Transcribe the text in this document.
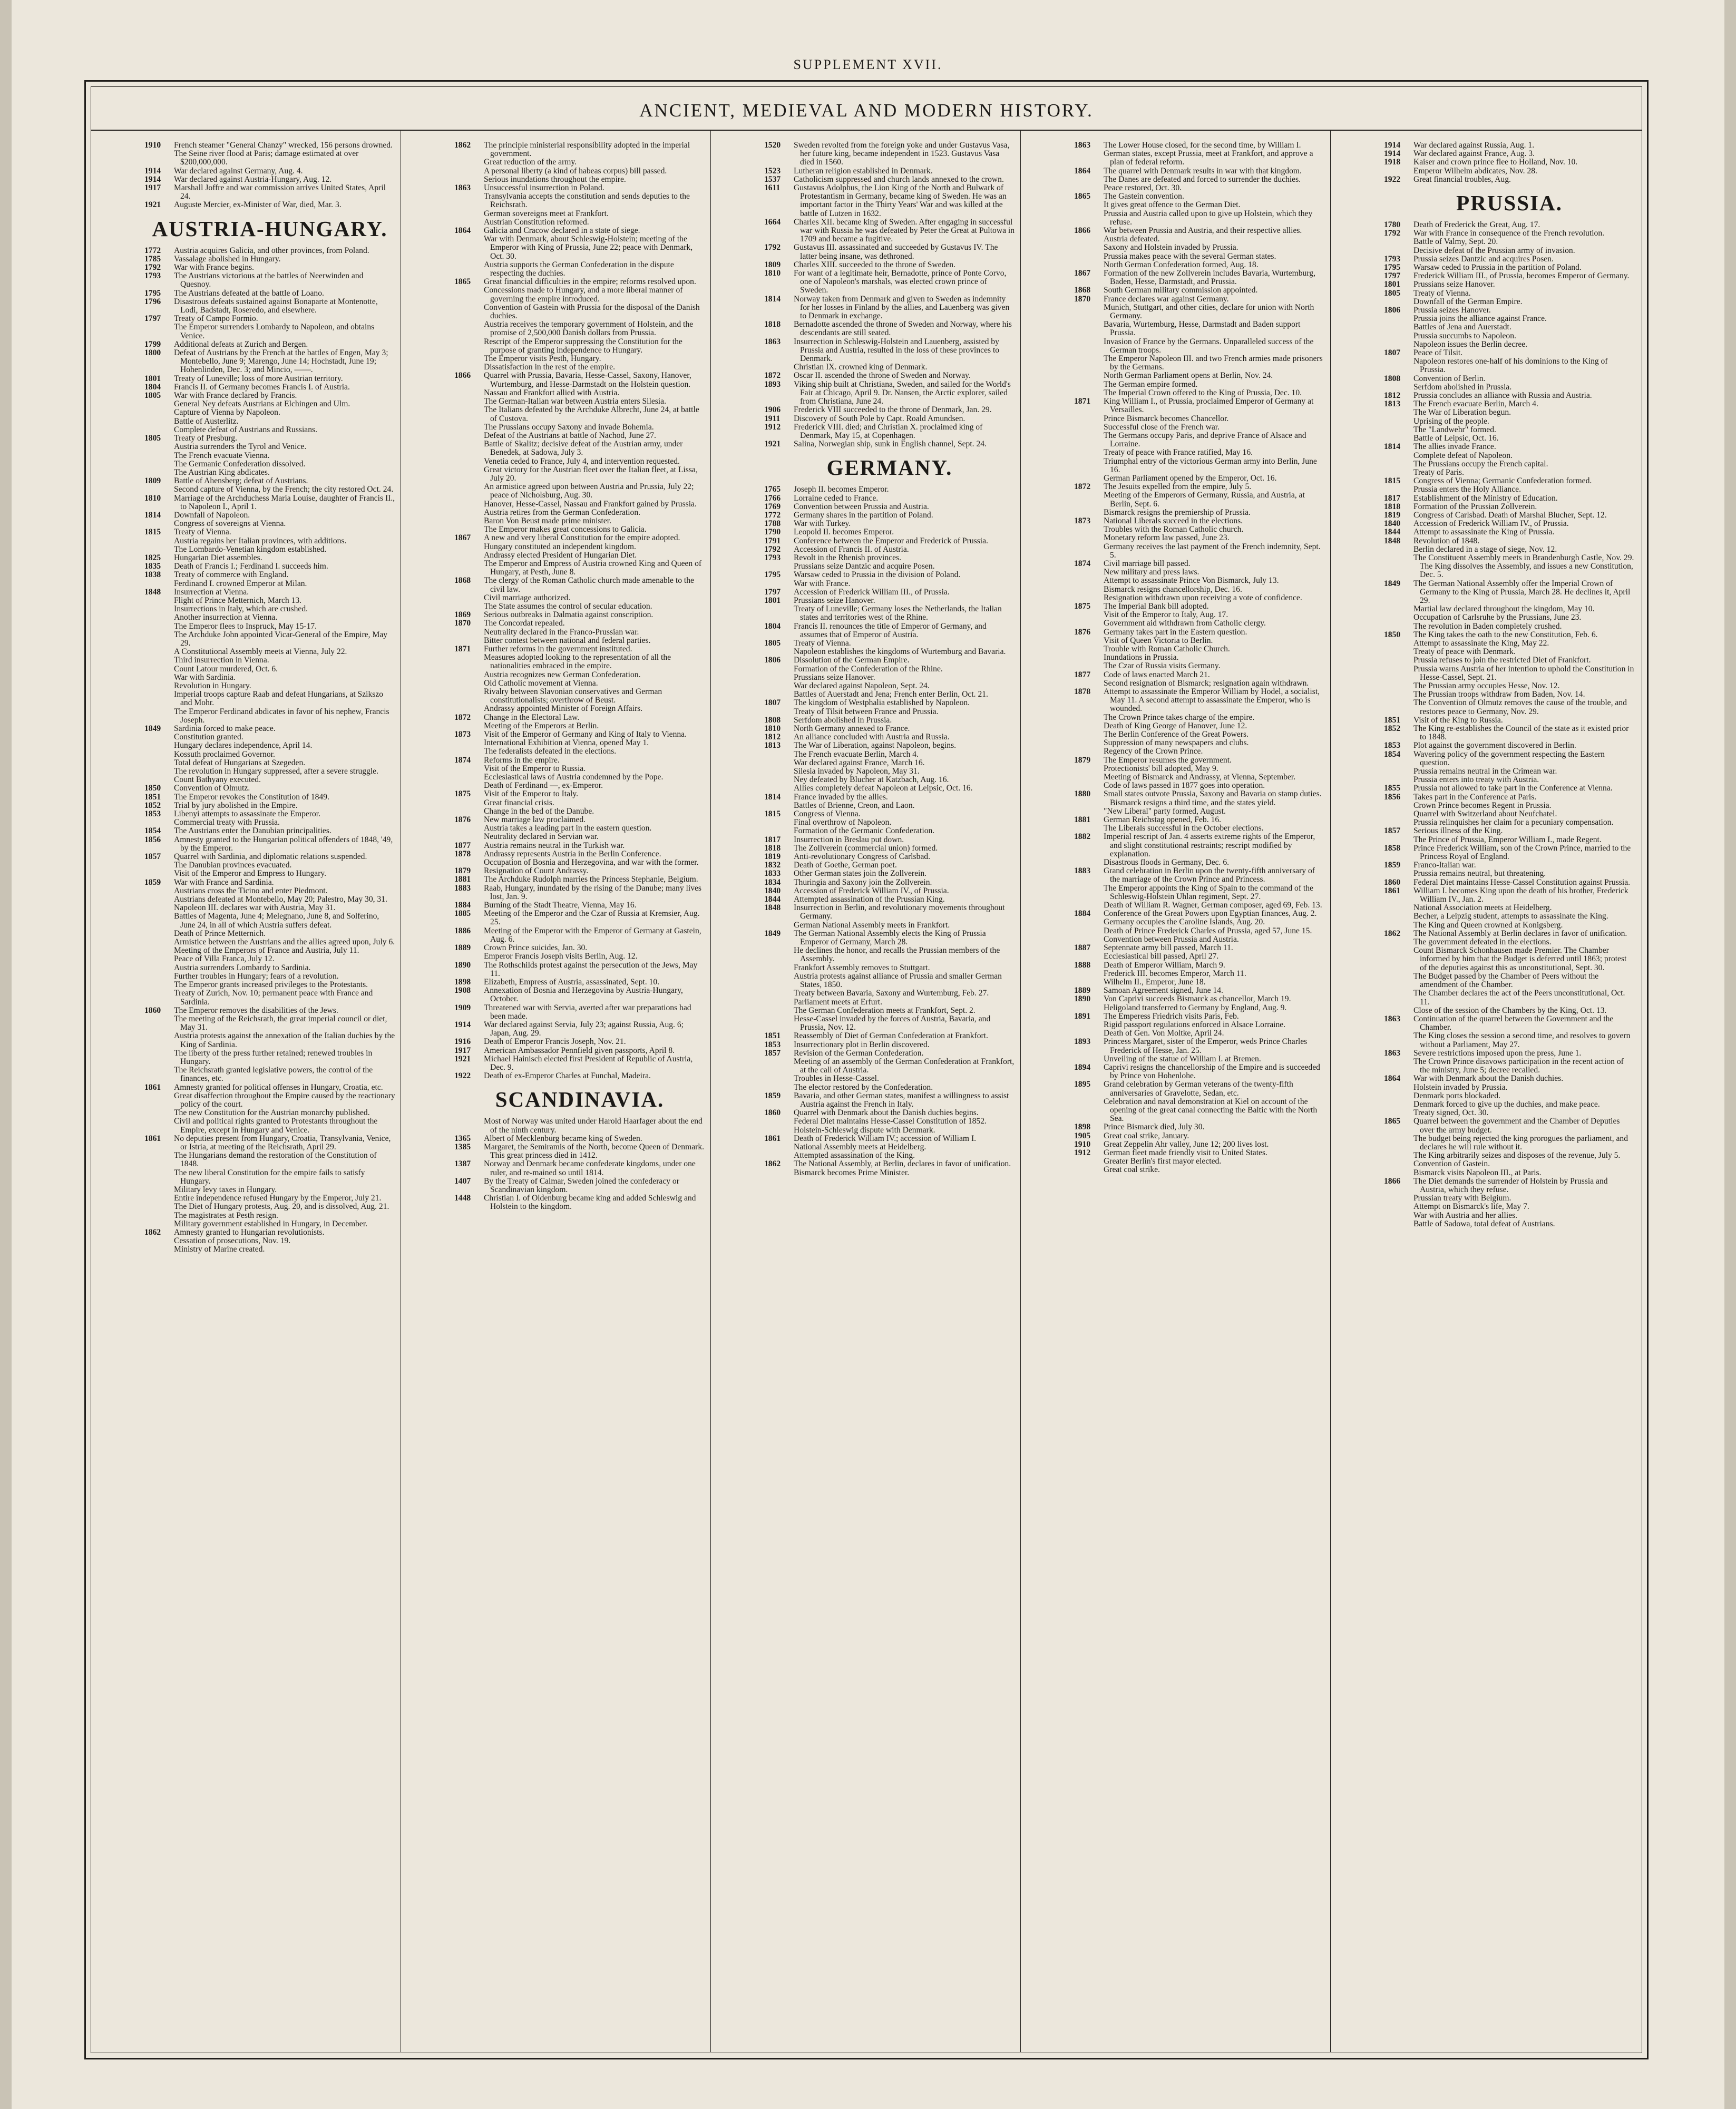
SUPPLEMENT XVII.
ANCIENT, MEDIEVAL AND MODERN HISTORY.
1910	French steamer "General Chanzy" wrecked, 156 persons drowned.
The Seine river flood at Paris; damage estimated at over $200,000,000.
1914	War declared against Germany, Aug. 4.
1914	War declared against Austria-Hungary, Aug. 12.
1917	Marshall Joffre and war commission arrives United States, April 24.
1921	Auguste Mercier, ex-Minister of War, died, Mar. 3.
AUSTRIA-HUNGARY.
1772	Austria acquires Galicia, and other provinces, from Poland.
1785	Vassalage abolished in Hungary.
1792	War with France begins.
1793	The Austrians victorious at the battles of Neerwinden and Quesnoy.
1795	The Austrians defeated at the battle of Loano.
1796	Disastrous defeats sustained against Bonaparte at Montenotte, Lodi, Badstadt, Roseredo, and elsewhere.
1797	Treaty of Campo Formio.
The Emperor surrenders Lombardy to Napoleon, and obtains Venice.
1799	Additional defeats at Zurich and Bergen.
1800	Defeat of Austrians by the French at the battles of Engen, May 3; Montebello, June 9; Marengo, June 14; Hochstadt, June 19; Hohenlinden, Dec. 3; and Mincio, ——.
1801	Treaty of Luneville; loss of more Austrian territory.
1804	Francis II. of Germany becomes Francis I. of Austria.
1805	War with France declared by Francis.
General Ney defeats Austrians at Elchingen and Ulm.
Capture of Vienna by Napoleon.
Battle of Austerlitz.
Complete defeat of Austrians and Russians.
1805	Treaty of Presburg.
Austria surrenders the Tyrol and Venice.
The French evacuate Vienna.
The Germanic Confederation dissolved.
The Austrian King abdicates.
1809	Battle of Ahensberg; defeat of Austrians.
Second capture of Vienna, by the French; the city restored Oct. 24.
1810	Marriage of the Archduchess Maria Louise, daughter of Francis II., to Napoleon I., April 1.
1814	Downfall of Napoleon.
Congress of sovereigns at Vienna.
1815	Treaty of Vienna.
Austria regains her Italian provinces, with additions.
The Lombardo-Venetian kingdom established.
1825	Hungarian Diet assembles.
1835	Death of Francis I.; Ferdinand I. succeeds him.
1838	Treaty of commerce with England.
Ferdinand I. crowned Emperor at Milan.
1848	Insurrection at Vienna.
Flight of Prince Metternich, March 13.
Insurrections in Italy, which are crushed.
Another insurrection at Vienna.
The Emperor flees to Inspruck, May 15-17.
The Archduke John appointed Vicar-General of the Empire, May 29.
A Constitutional Assembly meets at Vienna, July 22.
Third insurrection in Vienna.
Count Latour murdered, Oct. 6.
War with Sardinia.
Revolution in Hungary.
Imperial troops capture Raab and defeat Hungarians, at Szikszo and Mohr.
The Emperor Ferdinand abdicates in favor of his nephew, Francis Joseph.
1849	Sardinia forced to make peace.
Constitution granted.
Hungary declares independence, April 14.
Kossuth proclaimed Governor.
Total defeat of Hungarians at Szegeden.
The revolution in Hungary suppressed, after a severe struggle.
Count Bathyany executed.
1850	Convention of Olmutz.
1851	The Emperor revokes the Constitution of 1849.
1852	Trial by jury abolished in the Empire.
1853	Libenyi attempts to assassinate the Emperor.
Commercial treaty with Prussia.
1854	The Austrians enter the Danubian principalities.
1856	Amnesty granted to the Hungarian political offenders of 1848, '49, by the Emperor.
1857	Quarrel with Sardinia, and diplomatic relations suspended.
The Danubian provinces evacuated.
Visit of the Emperor and Empress to Hungary.
1859	War with France and Sardinia.
Austrians cross the Ticino and enter Piedmont.
Austrians defeated at Montebello, May 20; Palestro, May 30, 31.
Napoleon III. declares war with Austria, May 31.
Battles of Magenta, June 4; Melegnano, June 8, and Solferino, June 24, in all of which Austria suffers defeat.
Death of Prince Metternich.
Armistice between the Austrians and the allies agreed upon, July 6.
Meeting of the Emperors of France and Austria, July 11.
Peace of Villa Franca, July 12.
Austria surrenders Lombardy to Sardinia.
Further troubles in Hungary; fears of a revolution.
The Emperor grants increased privileges to the Protestants.
Treaty of Zurich, Nov. 10; permanent peace with France and Sardinia.
1860	The Emperor removes the disabilities of the Jews.
The meeting of the Reichsrath, the great imperial council or diet, May 31.
Austria protests against the annexation of the Italian duchies by the King of Sardinia.
The liberty of the press further retained; renewed troubles in Hungary.
The Reichsrath granted legislative powers, the control of the finances, etc.
1861	Amnesty granted for political offenses in Hungary, Croatia, etc.
Great disaffection throughout the Empire caused by the reactionary policy of the court.
The new Constitution for the Austrian monarchy published.
Civil and political rights granted to Protestants throughout the Empire, except in Hungary and Venice.
1861	No deputies present from Hungary, Croatia, Transylvania, Venice, or Istria, at meeting of the Reichsrath, April 29.
The Hungarians demand the restoration of the Constitution of 1848.
The new liberal Constitution for the empire fails to satisfy Hungary.
Military levy taxes in Hungary.
Entire independence refused Hungary by the Emperor, July 21.
The Diet of Hungary protests, Aug. 20, and is dissolved, Aug. 21.
The magistrates at Pesth resign.
Military government established in Hungary, in December.
1862	Amnesty granted to Hungarian revolutionists.
Cessation of prosecutions, Nov. 19.
Ministry of Marine created.
1862	The principle ministerial responsibility adopted in the imperial government.
Great reduction of the army.
A personal liberty (a kind of habeas corpus) bill passed.
Serious inundations throughout the empire.
1863	Unsuccessful insurrection in Poland.
Transylvania accepts the constitution and sends deputies to the Reichsrath.
German sovereigns meet at Frankfort.
Austrian Constitution reformed.
1864	Galicia and Cracow declared in a state of siege.
War with Denmark, about Schleswig-Holstein; meeting of the Emperor with King of Prussia, June 22; peace with Denmark, Oct. 30.
Austria supports the German Confederation in the dispute respecting the duchies.
1865	Great financial difficulties in the empire; reforms resolved upon.
Concessions made to Hungary, and a more liberal manner of governing the empire introduced.
Convention of Gastein with Prussia for the disposal of the Danish duchies.
Austria receives the temporary government of Holstein, and the promise of 2,500,000 Danish dollars from Prussia.
Rescript of the Emperor suppressing the Constitution for the purpose of granting independence to Hungary.
The Emperor visits Pesth, Hungary.
Dissatisfaction in the rest of the empire.
1866	Quarrel with Prussia, Bavaria, Hesse-Cassel, Saxony, Hanover, Wurtemburg, and Hesse-Darmstadt on the Holstein question.
Nassau and Frankfort allied with Austria.
The German-Italian war between Austria enters Silesia.
The Italians defeated by the Archduke Albrecht, June 24, at battle of Custova.
The Prussians occupy Saxony and invade Bohemia.
Defeat of the Austrians at battle of Nachod, June 27.
Battle of Skalitz; decisive defeat of the Austrian army, under Benedek, at Sadowa, July 3.
Venetia ceded to France, July 4, and intervention requested.
Great victory for the Austrian fleet over the Italian fleet, at Lissa, July 20.
An armistice agreed upon between Austria and Prussia, July 22; peace of Nicholsburg, Aug. 30.
Hanover, Hesse-Cassel, Nassau and Frankfort gained by Prussia.
Austria retires from the German Confederation.
Baron Von Beust made prime minister.
The Emperor makes great concessions to Galicia.
1867	A new and very liberal Constitution for the empire adopted.
Hungary constituted an independent kingdom.
Andrassy elected President of Hungarian Diet.
The Emperor and Empress of Austria crowned King and Queen of Hungary, at Pesth, June 8.
1868	The clergy of the Roman Catholic church made amenable to the civil law.
Civil marriage authorized.
The State assumes the control of secular education.
1869	Serious outbreaks in Dalmatia against conscription.
1870	The Concordat repealed.
Neutrality declared in the Franco-Prussian war.
Bitter contest between national and federal parties.
1871	Further reforms in the government instituted.
Measures adopted looking to the representation of all the nationalities embraced in the empire.
Austria recognizes new German Confederation.
Old Catholic movement at Vienna.
Rivalry between Slavonian conservatives and German constitutionalists; overthrow of Beust.
Andrassy appointed Minister of Foreign Affairs.
1872	Change in the Electoral Law.
Meeting of the Emperors at Berlin.
1873	Visit of the Emperor of Germany and King of Italy to Vienna.
International Exhibition at Vienna, opened May 1.
The federalists defeated in the elections.
1874	Reforms in the empire.
Visit of the Emperor to Russia.
Ecclesiastical laws of Austria condemned by the Pope.
Death of Ferdinand —, ex-Emperor.
1875	Visit of the Emperor to Italy.
Great financial crisis.
Change in the bed of the Danube.
1876	New marriage law proclaimed.
Austria takes a leading part in the eastern question.
Neutrality declared in Servian war.
1877	Austria remains neutral in the Turkish war.
1878	Andrassy represents Austria in the Berlin Conference.
Occupation of Bosnia and Herzegovina, and war with the former.
1879	Resignation of Count Andrassy.
1881	The Archduke Rudolph marries the Princess Stephanie, Belgium.
1883	Raab, Hungary, inundated by the rising of the Danube; many lives lost, Jan. 9.
1884	Burning of the Stadt Theatre, Vienna, May 16.
1885	Meeting of the Emperor and the Czar of Russia at Kremsier, Aug. 25.
1886	Meeting of the Emperor with the Emperor of Germany at Gastein, Aug. 6.
1889	Crown Prince suicides, Jan. 30.
Emperor Francis Joseph visits Berlin, Aug. 12.
1890	The Rothschilds protest against the persecution of the Jews, May 11.
1898	Elizabeth, Empress of Austria, assassinated, Sept. 10.
1908	Annexation of Bosnia and Herzegovina by Austria-Hungary, October.
1909	Threatened war with Servia, averted after war preparations had been made.
1914	War declared against Servia, July 23; against Russia, Aug. 6; Japan, Aug. 29.
1916	Death of Emperor Francis Joseph, Nov. 21.
1917	American Ambassador Pennfield given passports, April 8.
1921	Michael Hainisch elected first President of Republic of Austria, Dec. 9.
1922	Death of ex-Emperor Charles at Funchal, Madeira.
SCANDINAVIA.
Most of Norway was united under Harold Haarfager about the end of the ninth century.
1365	Albert of Mecklenburg became king of Sweden.
1385	Margaret, the Semiramis of the North, become Queen of Denmark. This great princess died in 1412.
1387	Norway and Denmark became confederate kingdoms, under one ruler, and re-mained so until 1814.
1407	By the Treaty of Calmar, Sweden joined the confederacy or Scandinavian kingdom.
1448	Christian I. of Oldenburg became king and added Schleswig and Holstein to the kingdom.
1520	Sweden revolted from the foreign yoke and under Gustavus Vasa, her future king, became independent in 1523. Gustavus Vasa died in 1560.
1523	Lutheran religion established in Denmark.
1537	Catholicism suppressed and church lands annexed to the crown.
1611	Gustavus Adolphus, the Lion King of the North and Bulwark of Protestantism in Germany, became king of Sweden. He was an important factor in the Thirty Years' War and was killed at the battle of Lutzen in 1632.
1664	Charles XII. became king of Sweden. After engaging in successful war with Russia he was defeated by Peter the Great at Pultowa in 1709 and became a fugitive.
1792	Gustavus III. assassinated and succeeded by Gustavus IV. The latter being insane, was dethroned.
1809	Charles XIII. succeeded to the throne of Sweden.
1810	For want of a legitimate heir, Bernadotte, prince of Ponte Corvo, one of Napoleon's marshals, was elected crown prince of Sweden.
1814	Norway taken from Denmark and given to Sweden as indemnity for her losses in Finland by the allies, and Lauenberg was given to Denmark in exchange.
1818	Bernadotte ascended the throne of Sweden and Norway, where his descendants are still seated.
1863	Insurrection in Schleswig-Holstein and Lauenberg, assisted by Prussia and Austria, resulted in the loss of these provinces to Denmark.
Christian IX. crowned king of Denmark.
1872	Oscar II. ascended the throne of Sweden and Norway.
1893	Viking ship built at Christiana, Sweden, and sailed for the World's Fair at Chicago, April 9. Dr. Nansen, the Arctic explorer, sailed from Christiana, June 24.
1906	Frederick VIII succeeded to the throne of Denmark, Jan. 29.
1911	Discovery of South Pole by Capt. Roald Amundsen.
1912	Frederick VIII. died; and Christian X. proclaimed king of Denmark, May 15, at Copenhagen.
1921	Salina, Norwegian ship, sunk in English channel, Sept. 24.
GERMANY.
1765	Joseph II. becomes Emperor.
1766	Lorraine ceded to France.
1769	Convention between Prussia and Austria.
1772	Germany shares in the partition of Poland.
1788	War with Turkey.
1790	Leopold II. becomes Emperor.
1791	Conference between the Emperor and Frederick of Prussia.
1792	Accession of Francis II. of Austria.
1793	Revolt in the Rhenish provinces.
Prussians seize Dantzic and acquire Posen.
1795	Warsaw ceded to Prussia in the division of Poland.
War with France.
1797	Accession of Frederick William III., of Prussia.
1801	Prussians seize Hanover.
Treaty of Luneville; Germany loses the Netherlands, the Italian states and territories west of the Rhine.
1804	Francis II. renounces the title of Emperor of Germany, and assumes that of Emperor of Austria.
1805	Treaty of Vienna.
Napoleon establishes the kingdoms of Wurtemburg and Bavaria.
1806	Dissolution of the German Empire.
Formation of the Confederation of the Rhine.
Prussians seize Hanover.
War declared against Napoleon, Sept. 24.
Battles of Auerstadt and Jena; French enter Berlin, Oct. 21.
1807	The kingdom of Westphalia established by Napoleon.
Treaty of Tilsit between France and Prussia.
1808	Serfdom abolished in Prussia.
1810	North Germany annexed to France.
1812	An alliance concluded with Austria and Russia.
1813	The War of Liberation, against Napoleon, begins.
The French evacuate Berlin, March 4.
War declared against France, March 16.
Silesia invaded by Napoleon, May 31.
Ney defeated by Blucher at Katzbach, Aug. 16.
Allies completely defeat Napoleon at Leipsic, Oct. 16.
1814	France invaded by the allies.
Battles of Brienne, Creon, and Laon.
1815	Congress of Vienna.
Final overthrow of Napoleon.
Formation of the Germanic Confederation.
1817	Insurrection in Breslau put down.
1818	The Zollverein (commercial union) formed.
1819	Anti-revolutionary Congress of Carlsbad.
1832	Death of Goethe, German poet.
1833	Other German states join the Zollverein.
1834	Thuringia and Saxony join the Zollverein.
1840	Accession of Frederick William IV., of Prussia.
1844	Attempted assassination of the Prussian King.
1848	Insurrection in Berlin, and revolutionary movements throughout Germany.
German National Assembly meets in Frankfort.
1849	The German National Assembly elects the King of Prussia Emperor of Germany, March 28.
He declines the honor, and recalls the Prussian members of the Assembly.
Frankfort Assembly removes to Stuttgart.
Austria protests against alliance of Prussia and smaller German States, 1850.
Treaty between Bavaria, Saxony and Wurtemburg, Feb. 27.
Parliament meets at Erfurt.
The German Confederation meets at Frankfort, Sept. 2.
Hesse-Cassel invaded by the forces of Austria, Bavaria, and Prussia, Nov. 12.
1851	Reassembly of Diet of German Confederation at Frankfort.
1853	Insurrectionary plot in Berlin discovered.
1857	Revision of the German Confederation.
Meeting of an assembly of the German Confederation at Frankfort, at the call of Austria.
Troubles in Hesse-Cassel.
The elector restored by the Confederation.
1859	Bavaria, and other German states, manifest a willingness to assist Austria against the French in Italy.
1860	Quarrel with Denmark about the Danish duchies begins.
Federal Diet maintains Hesse-Cassel Constitution of 1852.
Holstein-Schleswig dispute with Denmark.
1861	Death of Frederick William IV.; accession of William I.
National Assembly meets at Heidelberg.
Attempted assassination of the King.
1862	The National Assembly, at Berlin, declares in favor of unification.
Bismarck becomes Prime Minister.
1863	The Lower House closed, for the second time, by William I.
German states, except Prussia, meet at Frankfort, and approve a plan of federal reform.
1864	The quarrel with Denmark results in war with that kingdom.
The Danes are defeated and forced to surrender the duchies.
Peace restored, Oct. 30.
1865	The Gastein convention.
It gives great offence to the German Diet.
Prussia and Austria called upon to give up Holstein, which they refuse.
1866	War between Prussia and Austria, and their respective allies.
Austria defeated.
Saxony and Holstein invaded by Prussia.
Prussia makes peace with the several German states.
North German Confederation formed, Aug. 18.
1867	Formation of the new Zollverein includes Bavaria, Wurtemburg, Baden, Hesse, Darmstadt, and Prussia.
1868	South German military commission appointed.
1870	France declares war against Germany.
Munich, Stuttgart, and other cities, declare for union with North Germany.
Bavaria, Wurtemburg, Hesse, Darmstadt and Baden support Prussia.
Invasion of France by the Germans. Unparalleled success of the German troops.
The Emperor Napoleon III. and two French armies made prisoners by the Germans.
North German Parliament opens at Berlin, Nov. 24.
The German empire formed.
The Imperial Crown offered to the King of Prussia, Dec. 10.
1871	King William I., of Prussia, proclaimed Emperor of Germany at Versailles.
Prince Bismarck becomes Chancellor.
Successful close of the French war.
The Germans occupy Paris, and deprive France of Alsace and Lorraine.
Treaty of peace with France ratified, May 16.
Triumphal entry of the victorious German army into Berlin, June 16.
German Parliament opened by the Emperor, Oct. 16.
1872	The Jesuits expelled from the empire, July 5.
Meeting of the Emperors of Germany, Russia, and Austria, at Berlin, Sept. 6.
Bismarck resigns the premiership of Prussia.
1873	National Liberals succeed in the elections.
Troubles with the Roman Catholic church.
Monetary reform law passed, June 23.
Germany receives the last payment of the French indemnity, Sept. 5.
1874	Civil marriage bill passed.
New military and press laws.
Attempt to assassinate Prince Von Bismarck, July 13.
Bismarck resigns chancellorship, Dec. 16.
Resignation withdrawn upon receiving a vote of confidence.
1875	The Imperial Bank bill adopted.
Visit of the Emperor to Italy, Aug. 17.
Government aid withdrawn from Catholic clergy.
1876	Germany takes part in the Eastern question.
Visit of Queen Victoria to Berlin.
Trouble with Roman Catholic Church.
Inundations in Prussia.
The Czar of Russia visits Germany.
1877	Code of laws enacted March 21.
Second resignation of Bismarck; resignation again withdrawn.
1878	Attempt to assassinate the Emperor William by Hodel, a socialist, May 11. A second attempt to assassinate the Emperor, who is wounded.
The Crown Prince takes charge of the empire.
Death of King George of Hanover, June 12.
The Berlin Conference of the Great Powers.
Suppression of many newspapers and clubs.
Regency of the Crown Prince.
1879	The Emperor resumes the government.
Protectionists' bill adopted, May 9.
Meeting of Bismarck and Andrassy, at Vienna, September.
Code of laws passed in 1877 goes into operation.
1880	Small states outvote Prussia, Saxony and Bavaria on stamp duties. Bismarck resigns a third time, and the states yield.
"New Liberal" party formed, August.
1881	German Reichstag opened, Feb. 16.
The Liberals successful in the October elections.
1882	Imperial rescript of Jan. 4 asserts extreme rights of the Emperor, and slight constitutional restraints; rescript modified by explanation.
Disastrous floods in Germany, Dec. 6.
1883	Grand celebration in Berlin upon the twenty-fifth anniversary of the marriage of the Crown Prince and Princess.
The Emperor appoints the King of Spain to the command of the Schleswig-Holstein Uhlan regiment, Sept. 27.
Death of William R. Wagner, German composer, aged 69, Feb. 13.
1884	Conference of the Great Powers upon Egyptian finances, Aug. 2.
Germany occupies the Caroline Islands, Aug. 20.
Death of Prince Frederick Charles of Prussia, aged 57, June 15.
Convention between Prussia and Austria.
1887	Septennate army bill passed, March 11.
Ecclesiastical bill passed, April 27.
1888	Death of Emperor William, March 9.
Frederick III. becomes Emperor, March 11.
Wilhelm II., Emperor, June 18.
1889	Samoan Agreement signed, June 14.
1890	Von Caprivi succeeds Bismarck as chancellor, March 19.
Heligoland transferred to Germany by England, Aug. 9.
1891	The Emperess Friedrich visits Paris, Feb.
Rigid passport regulations enforced in Alsace Lorraine.
Death of Gen. Von Moltke, April 24.
1893	Princess Margaret, sister of the Emperor, weds Prince Charles Frederick of Hesse, Jan. 25.
Unveiling of the statue of William I. at Bremen.
1894	Caprivi resigns the chancellorship of the Empire and is succeeded by Prince von Hohenlohe.
1895	Grand celebration by German veterans of the twenty-fifth anniversaries of Gravelotte, Sedan, etc.
Celebration and naval demonstration at Kiel on account of the opening of the great canal connecting the Baltic with the North Sea.
1898	Prince Bismarck died, July 30.
1905	Great coal strike, January.
1910	Great Zeppelin Ahr valley, June 12; 200 lives lost.
1912	German fleet made friendly visit to United States.
Greater Berlin's first mayor elected.
Great coal strike.
1914	War declared against Russia, Aug. 1.
1914	War declared against France, Aug. 3.
1918	Kaiser and crown prince flee to Holland, Nov. 10.
Emperor Wilhelm abdicates, Nov. 28.
1922	Great financial troubles, Aug.
PRUSSIA.
1780	Death of Frederick the Great, Aug. 17.
1792	War with France in consequence of the French revolution.
Battle of Valmy, Sept. 20.
Decisive defeat of the Prussian army of invasion.
1793	Prussia seizes Dantzic and acquires Posen.
1795	Warsaw ceded to Prussia in the partition of Poland.
1797	Frederick William III., of Prussia, becomes Emperor of Germany.
1801	Prussians seize Hanover.
1805	Treaty of Vienna.
Downfall of the German Empire.
1806	Prussia seizes Hanover.
Prussia joins the alliance against France.
Battles of Jena and Auerstadt.
Prussia succumbs to Napoleon.
Napoleon issues the Berlin decree.
1807	Peace of Tilsit.
Napoleon restores one-half of his dominions to the King of Prussia.
1808	Convention of Berlin.
Serfdom abolished in Prussia.
1812	Prussia concludes an alliance with Russia and Austria.
1813	The French evacuate Berlin, March 4.
The War of Liberation begun.
Uprising of the people.
The "Landwehr" formed.
Battle of Leipsic, Oct. 16.
1814	The allies invade France.
Complete defeat of Napoleon.
The Prussians occupy the French capital.
Treaty of Paris.
1815	Congress of Vienna; Germanic Confederation formed.
Prussia enters the Holy Alliance.
1817	Establishment of the Ministry of Education.
1818	Formation of the Prussian Zollverein.
1819	Congress of Carlsbad. Death of Marshal Blucher, Sept. 12.
1840	Accession of Frederick William IV., of Prussia.
1844	Attempt to assassinate the King of Prussia.
1848	Revolution of 1848.
Berlin declared in a stage of siege, Nov. 12.
The Constituent Assembly meets in Brandenburgh Castle, Nov. 29. The King dissolves the Assembly, and issues a new Constitution, Dec. 5.
1849	The German National Assembly offer the Imperial Crown of Germany to the King of Prussia, March 28. He declines it, April 29.
Martial law declared throughout the kingdom, May 10.
Occupation of Carlsruhe by the Prussians, June 23.
The revolution in Baden completely crushed.
1850	The King takes the oath to the new Constitution, Feb. 6.
Attempt to assassinate the King, May 22.
Treaty of peace with Denmark.
Prussia refuses to join the restricted Diet of Frankfort.
Prussia warns Austria of her intention to uphold the Constitution in Hesse-Cassel, Sept. 21.
The Prussian army occupies Hesse, Nov. 12.
The Prussian troops withdraw from Baden, Nov. 14.
The Convention of Olmutz removes the cause of the trouble, and restores peace to Germany, Nov. 29.
1851	Visit of the King to Russia.
1852	The King re-establishes the Council of the state as it existed prior to 1848.
1853	Plot against the government discovered in Berlin.
1854	Wavering policy of the government respecting the Eastern question.
Prussia remains neutral in the Crimean war.
Prussia enters into treaty with Austria.
1855	Prussia not allowed to take part in the Conference at Vienna.
1856	Takes part in the Conference at Paris.
Crown Prince becomes Regent in Prussia.
Quarrel with Switzerland about Neufchatel.
Prussia relinquishes her claim for a pecuniary compensation.
1857	Serious illness of the King.
The Prince of Prussia, Emperor William I., made Regent.
1858	Prince Frederick William, son of the Crown Prince, married to the Princess Royal of England.
1859	Franco-Italian war.
Prussia remains neutral, but threatening.
1860	Federal Diet maintains Hesse-Cassel Constitution against Prussia.
1861	William I. becomes King upon the death of his brother, Frederick William IV., Jan. 2.
National Association meets at Heidelberg.
Becher, a Leipzig student, attempts to assassinate the King.
The King and Queen crowned at Konigsberg.
1862	The National Assembly at Berlin declares in favor of unification.
The government defeated in the elections.
Count Bismarck Schonhausen made Premier. The Chamber informed by him that the Budget is deferred until 1863; protest of the deputies against this as unconstitutional, Sept. 30.
The Budget passed by the Chamber of Peers without the amendment of the Chamber.
The Chamber declares the act of the Peers unconstitutional, Oct. 11.
Close of the session of the Chambers by the King, Oct. 13.
1863	Continuation of the quarrel between the Government and the Chamber.
The King closes the session a second time, and resolves to govern without a Parliament, May 27.
1863	Severe restrictions imposed upon the press, June 1.
The Crown Prince disavows participation in the recent action of the ministry, June 5; decree recalled.
1864	War with Denmark about the Danish duchies.
Holstein invaded by Prussia.
Denmark ports blockaded.
Denmark forced to give up the duchies, and make peace.
Treaty signed, Oct. 30.
1865	Quarrel between the government and the Chamber of Deputies over the army budget.
The budget being rejected the king prorogues the parliament, and declares he will rule without it.
The King arbitrarily seizes and disposes of the revenue, July 5.
Convention of Gastein.
Bismarck visits Napoleon III., at Paris.
1866	The Diet demands the surrender of Holstein by Prussia and Austria, which they refuse.
Prussian treaty with Belgium.
Attempt on Bismarck's life, May 7.
War with Austria and her allies.
Battle of Sadowa, total defeat of Austrians.
